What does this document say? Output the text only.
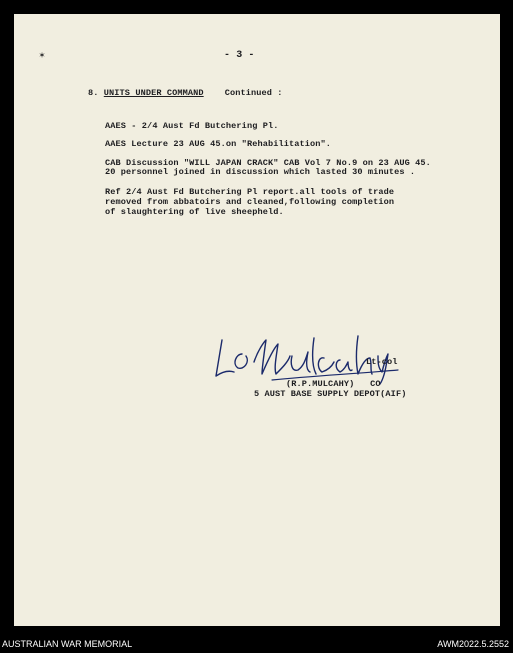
✶	- 3 -
8. UNITS UNDER COMMAND Continued :
AAES - 2/4 Aust Fd Butchering Pl.
AAES Lecture 23 AUG 45.on "Rehabilitation".
CAB Discussion "WILL JAPAN CRACK" CAB Vol 7 No.9 on 23 AUG 45.
20 personnel joined in discussion which lasted 30 minutes .
Ref 2/4 Aust Fd Butchering Pl report.all tools of trade
removed from abbatoirs and cleaned,following completion
of slaughtering of live sheepheld.
Lt-col
(R.P.MULCAHY)   CO
5 AUST BASE SUPPLY DEPOT(AIF)
AUSTRALIAN WAR MEMORIAL	AWM2022.5.2552
